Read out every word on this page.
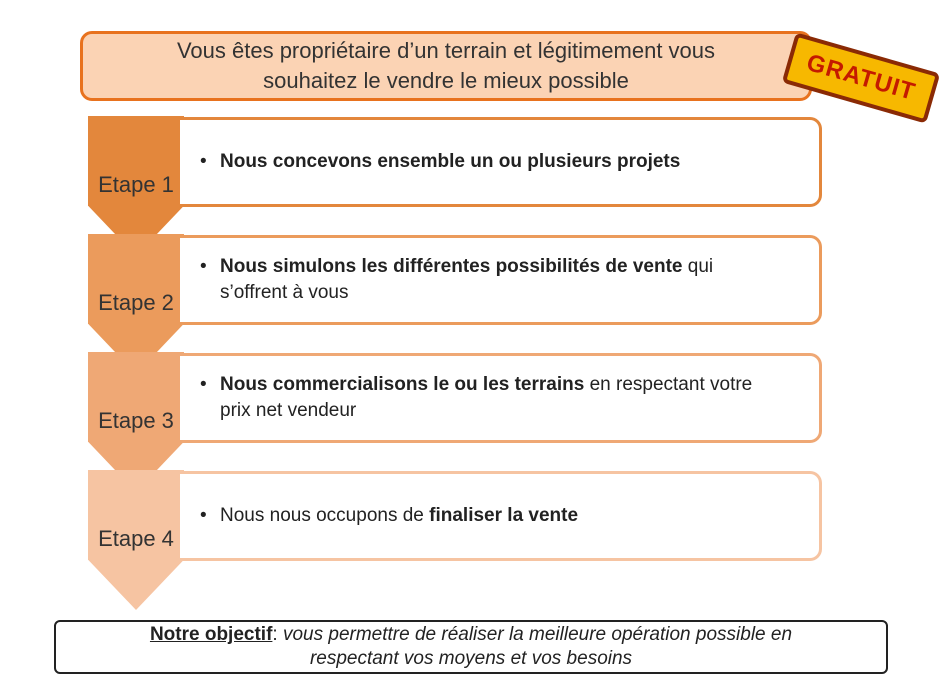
Vous êtes propriétaire d’un terrain et légitimement vous
souhaitez le vendre le mieux possible	GRATUIT
Etape 1
• Nous concevons ensemble un ou plusieurs projets
Etape 2
• Nous simulons les différentes possibilités de vente qui s’offrent à vous
Etape 3
• Nous commercialisons le ou les terrains en respectant votre prix net vendeur
Etape 4
• Nous nous occupons de finaliser la vente
Notre objectif: vous permettre de réaliser la meilleure opération possible en
respectant vos moyens et vos besoins
